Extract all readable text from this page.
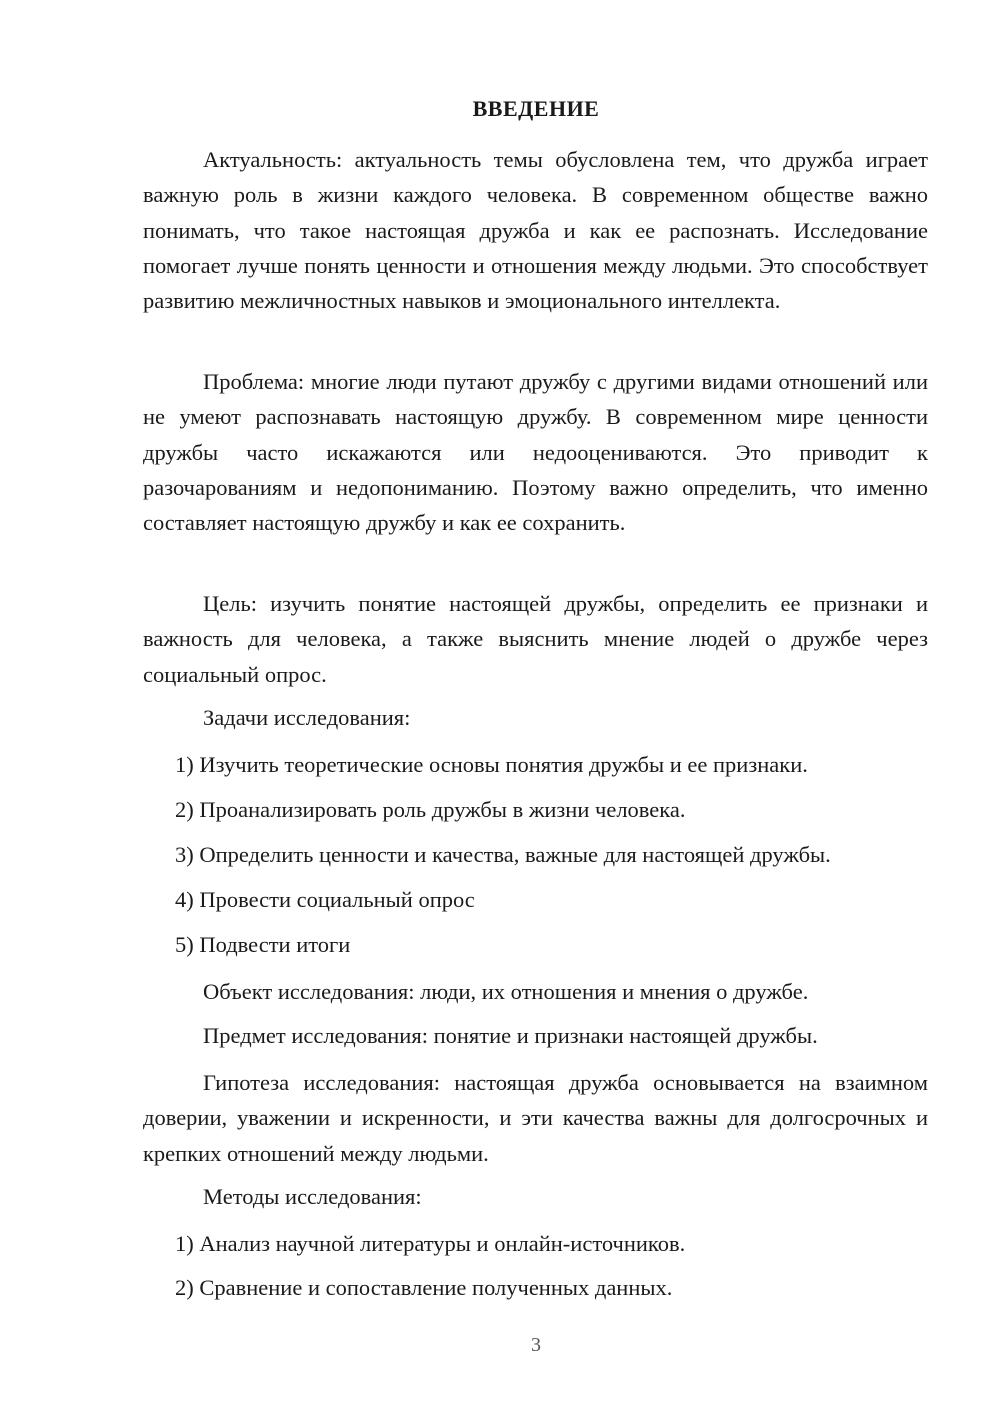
ВВЕДЕНИЕ

Актуальность: актуальность темы обусловлена тем, что дружба играет важную роль в жизни каждого человека. В современном обществе важно понимать, что такое настоящая дружба и как ее распознать. Исследование помогает лучше понять ценности и отношения между людьми. Это способствует развитию межличностных навыков и эмоционального интеллекта.

Проблема: многие люди путают дружбу с другими видами отношений или не умеют распознавать настоящую дружбу. В современном мире ценности дружбы часто искажаются или недооцениваются. Это приводит к разочарованиям и недопониманию. Поэтому важно определить, что именно составляет настоящую дружбу и как ее сохранить.

Цель: изучить понятие настоящей дружбы, определить ее признаки и важность для человека, а также выяснить мнение людей о дружбе через социальный опрос.

Задачи исследования:

1) Изучить теоретические основы понятия дружбы и ее признаки.

2) Проанализировать роль дружбы в жизни человека.

3) Определить ценности и качества, важные для настоящей дружбы.

4) Провести социальный опрос

5) Подвести итоги

Объект исследования: люди, их отношения и мнения о дружбе.

Предмет исследования: понятие и признаки настоящей дружбы.

Гипотеза исследования: настоящая дружба основывается на взаимном доверии, уважении и искренности, и эти качества важны для долгосрочных и крепких отношений между людьми.

Методы исследования:

1) Анализ научной литературы и онлайн-источников.

2) Сравнение и сопоставление полученных данных.

3
